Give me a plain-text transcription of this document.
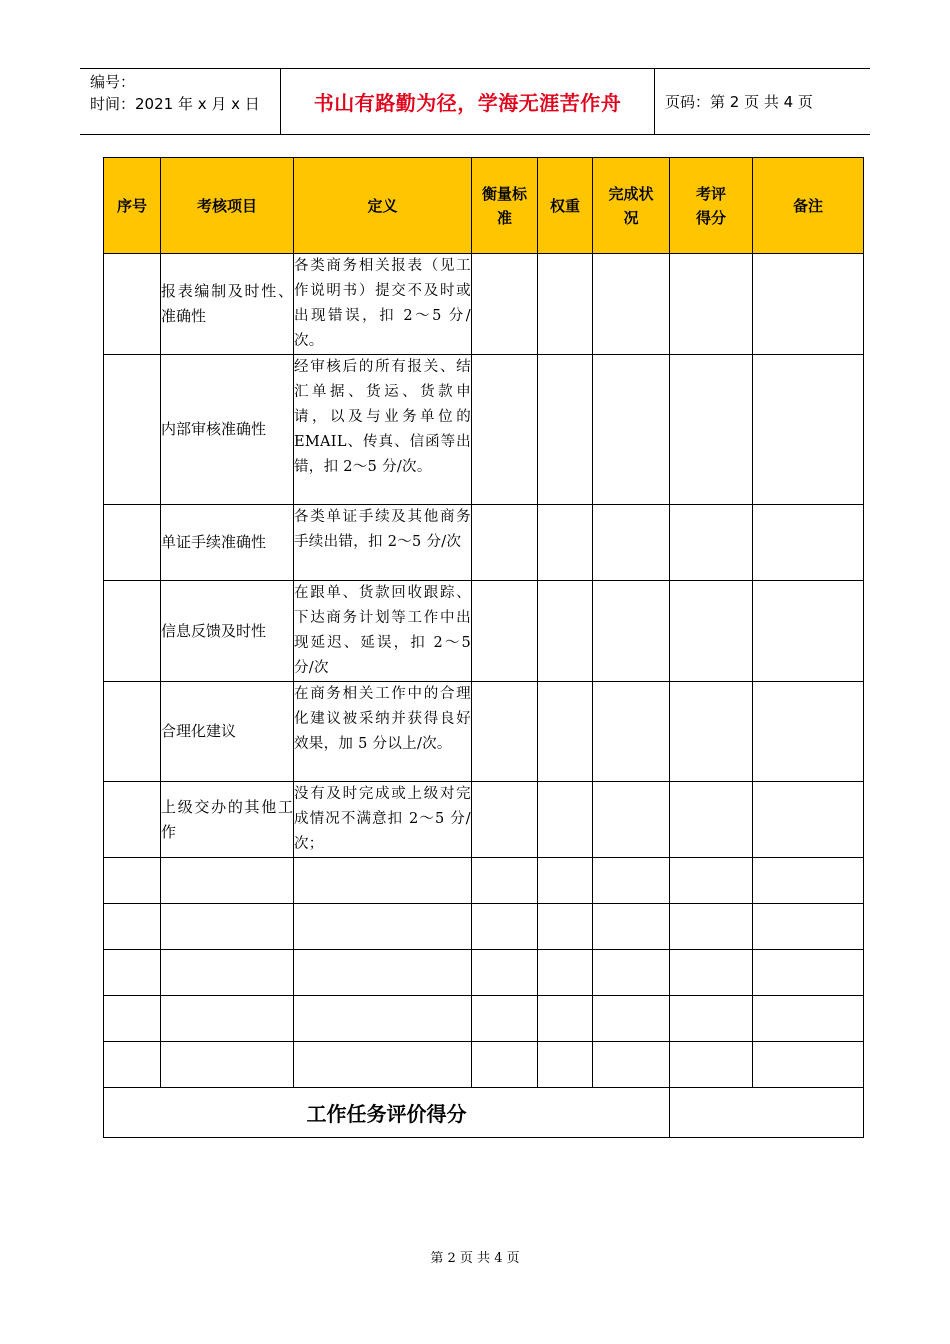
编号：
时间：2021 年 x 月 x 日	书山有路勤为径，学海无涯苦作舟	页码：第 2 页 共 4 页
序号	考核项目	定义	衡量标准	权重	完成状况	考评得分	备注
	报表编制及时性、准确性	各类商务相关报表（见工作说明书）提交不及时或出现错误，扣 2～5 分/次。					
	内部审核准确性	经审核后的所有报关、结汇单据、货运、货款申请，以及与业务单位的 EMAIL、传真、信函等出错，扣 2～5 分/次。					
	单证手续准确性	各类单证手续及其他商务手续出错，扣 2～5 分/次					
	信息反馈及时性	在跟单、货款回收跟踪、下达商务计划等工作中出现延迟、延误，扣 2～5 分/次					
	合理化建议	在商务相关工作中的合理化建议被采纳并获得良好效果，加 5 分以上/次。					
	上级交办的其他工作	没有及时完成或上级对完成情况不满意扣 2～5 分/次；					

工作任务评价得分							
第 2 页 共 4 页
